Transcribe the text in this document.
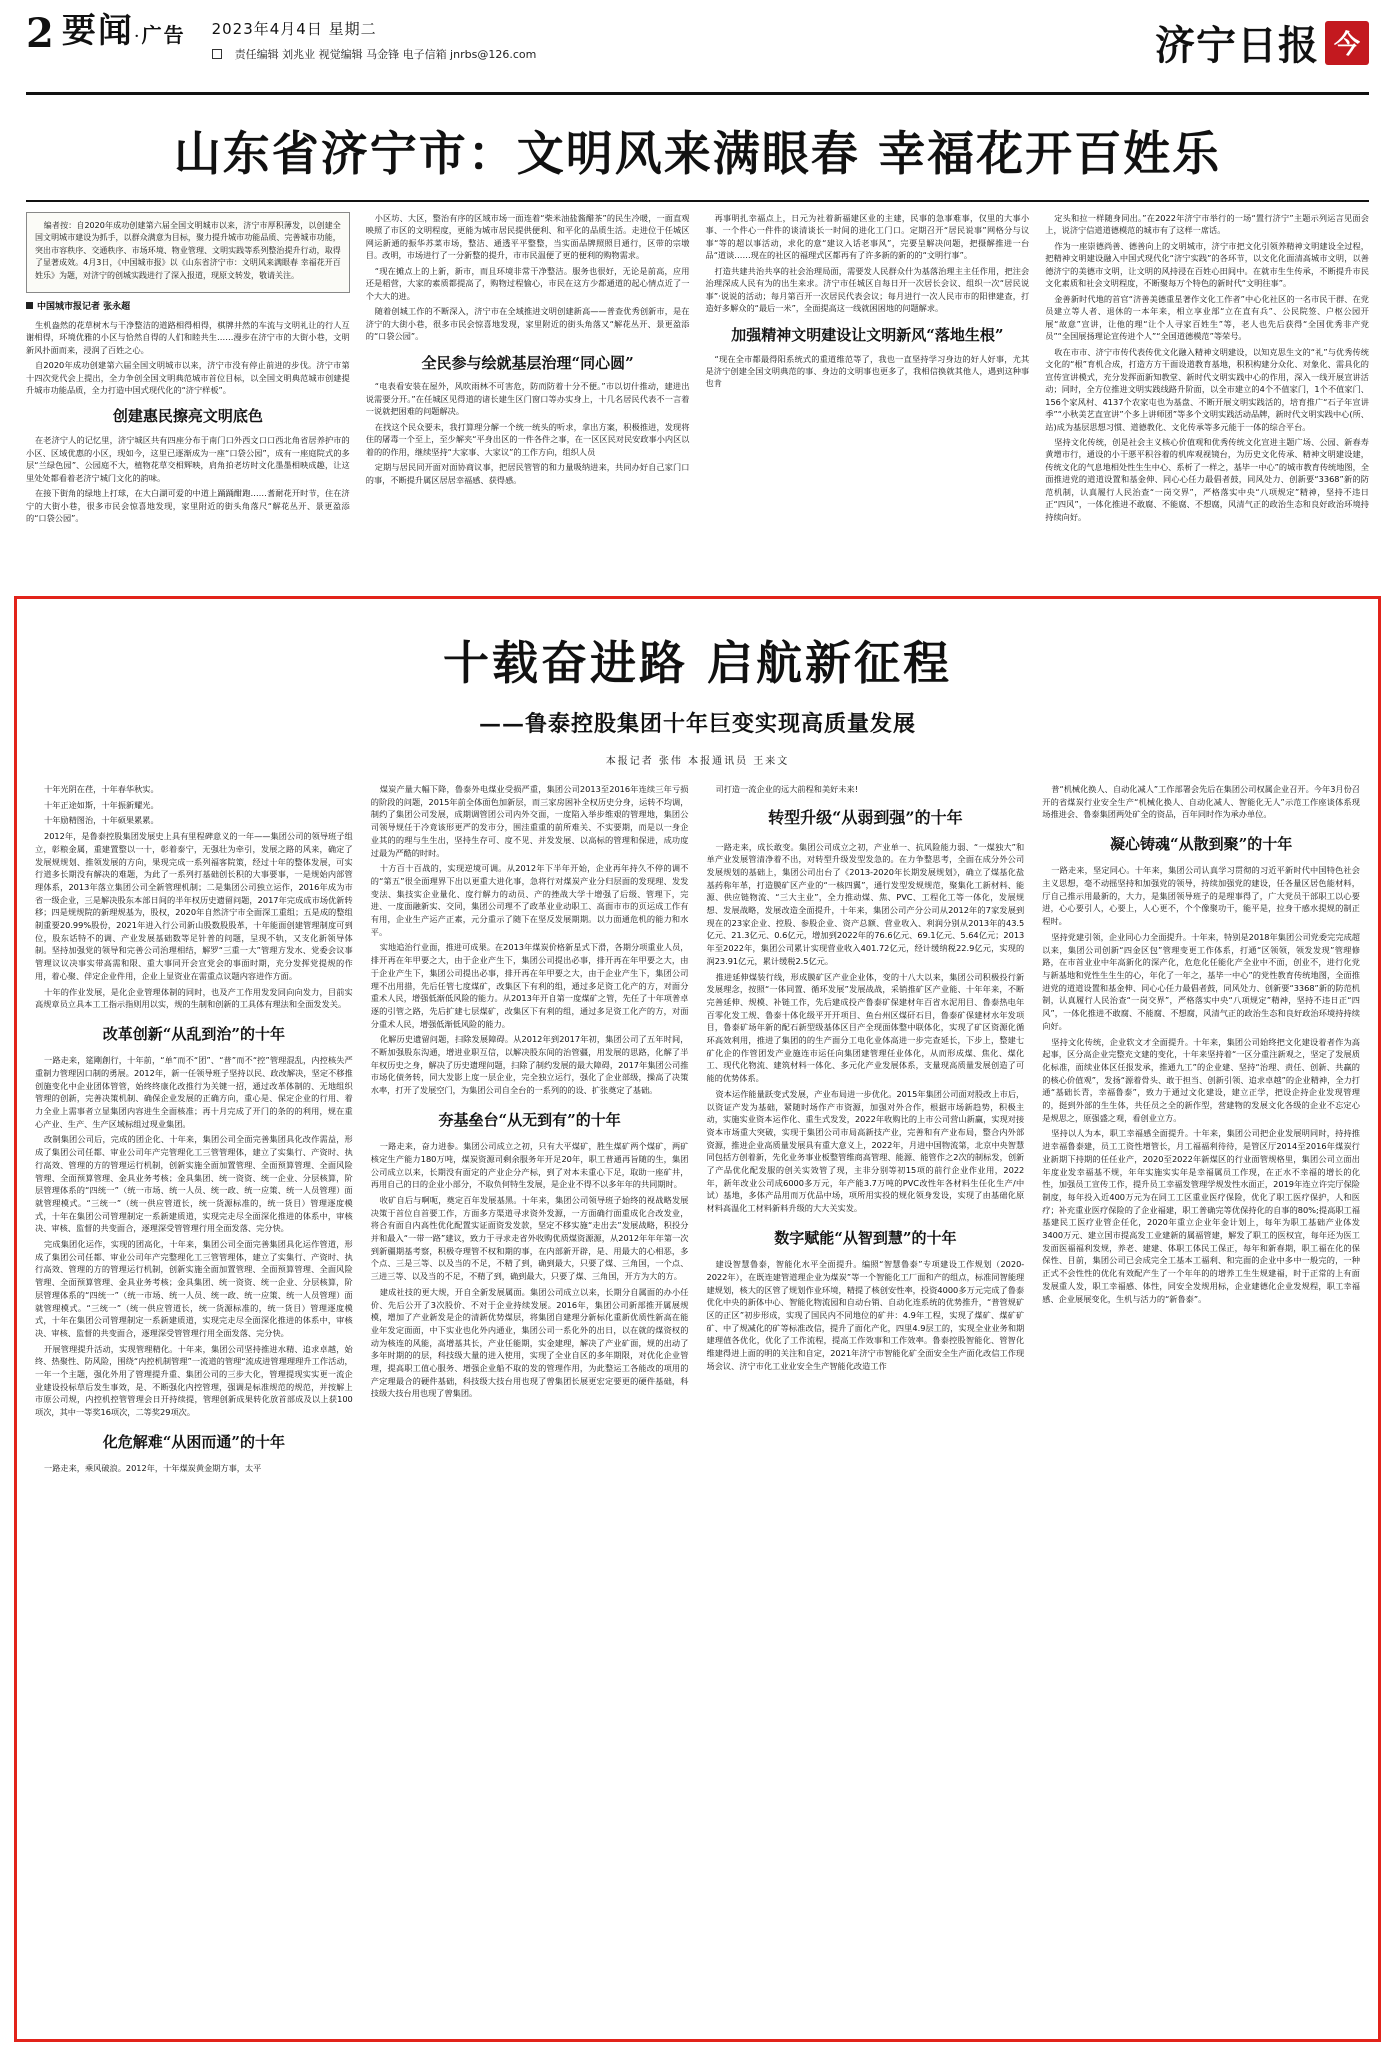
2 要闻·广告 2023年4月4日 星期二
责任编辑 刘兆业 视觉编辑 马金锋 电子信箱 jnrbs@126.com	济宁日报 今
山东省济宁市：文明风来满眼春 幸福花开百姓乐

编者按：自2020年成功创建第六届全国文明城市以来，济宁市厚积薄发，以创建全国文明城市建设为抓手，以群众满意为目标，聚力提升城市功能品质、完善城市功能，突出市容秩序、交通秩序、市场环境、物业管理、文明实践等系列整治提升行动，取得了显著成效。4月3日，《中国城市报》以《山东省济宁市：文明风来满眼春 幸福花开百姓乐》为题，对济宁的创城实践进行了深入报道，现原文转发，敬请关注。

中国城市报记者 张永超

生机盎然的花草树木与干净整洁的道路相得相得，棋牌井然的车流与文明礼让的行人互谢相得，环境优雅的小区与恰然自得的人们和睦共生……漫步在济宁市的大街小巷，文明新风扑面而来，浸润了百姓之心。

自2020年成功创建第六届全国文明城市以来，济宁市没有停止前进的步伐。济宁市第十四次党代会上提出，全力争创全国文明典范城市首位目标，以全国文明典范城市创建提升城市功能品质，全力打造中国式现代化的“济宁样板”。

创建惠民擦亮文明底色

在老济宁人的记忆里，济宁城区共有四座分布于南门口外西文口口西北角省居养护市的小区、区域优惠的小区，现如今，这里已逐渐成为一座“口袋公园”，成有一座庭院式的多层“兰绿色园”、公园庭不大，植物花草交相辉映，肩角拍老坊时文化墨墨相映成趣，让这里处处都看着老济宁城门文化的韵味。

在接下街角的绿地上打球，在大白湖可爱的中道上踊踊酣跑……耆耐花开时节，住在济宁的大街小巷，很多市民会惊喜地发现，家里附近的街头角落尺“解花丛开、景更盈添的“口袋公园”。

小区坊、大区，整治有序的区域市场一面连着“柴米油盐酱醋茶”的民生冷暖，一面直观映照了市区的文明程度，更能为城市居民提供便利、和平化的品质生活。走进位于任城区网运新通的振华苏菜市场，整洁、通透平平整整，当实面品牌照照目通行，区带的宗墩目。改明，市场进行了一分新整的提升，市市民温便了更的便利的购物需求。

“现在摊点上的上新，新市，而且环境非常干净整洁。服务也很好，无论是前高，应用还是稻营，大家的素质都提高了，购物过程愉心，市民在这方少都通道的起心情点近了一个大大的进。

随着创城工作的不断深入，济宁市在全域推进文明创建新高——普查优秀创新市，是在济宁的大街小巷，很多市民会惊喜地发现，家里附近的街头角落又“解花丛开、景更盈添的“口袋公园”。

全民参与绘就基层治理“同心圆”

“电表看安装在屋外，风吹雨林不可害危，防而防着十分不便。”市以切什推动，建进出说需要分开。”在任城区见得道的诸长建生区门窗口等办实身上，十几名居民代表不一言着一说就把困难的问题解决。

在找这个民众要未，我打算理分解一个统一统头的听求，拿出方案，积极推进，发现将住的屠毒一个至上，至少解夹“平身出区的一件各件之事，在一区区民对民安政事小内区以着的的作用，继续坚持“大家事、大家议”的工作方向，组织人员

定期与居民同开面对面协商议事，把居民管管的和力量吸纳进来，共同办好自己家门口的事，不断提升属区居居幸福感、获得感。

再事明扎幸福点上，日元为社着新福建区业的主建，民事的急事难事，仅里的大事小事、一个件心一件件的谈清谈长一时间的进化工门口。定期召开“居民说事”网格分与议事“等的超以事活动，求化的意“建议入话老事风”，完要呈解决问题，把摄解推进一台品“道谈……现在的社区的福理式区都再有了许多新的新的的“文明行事”。

打造共建共治共享的社会治理局面，需要发人民群众什为基落治理主主任作用，把注会治理深成人民有为的出生来求。济宁市任城区自每日开一次居长会议、组织一次“居民说事”·说说的活动；每月第百开一次居民代表会议；每月进行一次人民市市的阳律建查，打造好多解众的“最后一米”，全面提高这一线就困困地的问题解求。

加强精神文明建设让文明新风“落地生根”

“现在全市都最得阳系统式的重道维范等了，我也一直坚持学习身边的好人好事，尤其是济宁创建全国文明典范的事、身边的文明事也更多了，我相信换就其他人，遇到这种事也肯

定头和拉一样随身同出。”在2022年济宁市举行的一场“置行济宁”主题示列运言见面会上，说济宁信道道德模范的城市有了这样一席话。

作为一座崇德尚善、德善向上的文明城市，济宁市把文化引领养精神文明建设全过程，把精神文明建设融入中国式现代化“济宁实践”的各环节，以文化化面清高城市文明，以善德济宁的美德市文明，让文明的风持浸在百姓心田间中。在就市生生传承，不断提升市民文化素质和社会文明程度，不断聚每万个特色的新时代“文明往事”。

金善新时代地的首官“济善美德重星著作文化工作者”中心化社区的一名市民干群、在党员建立等人者、退休的一本年来，相立享业部“立在直有兵”、公民院签、户枢公园开展“故意”宣讲，让他的理“让个人寻家百姓生”等，老人也先后获得“全国优秀非产党员”“全国展扬理论宣传进个人”“全国道德模范”等荣号。

收在市市、济宁市传代表传优文化融入精神文明建设，以知克思生文的“礼”与优秀传统文化的“根”育机合成，打造方方干面设道教育基地，积积构建分众化、对象化、需具化的宣传宣讲模式，充分发挥面新知教堂、新时代文明实践中心的作用，深入一线开展宣讲活动；同时，全方位推进文明实践线路升阶面，以全市建立的4个不值家门，1个不值家门、156个家风村、4137个农家屯也为基盘、不断开展文明实践活的，培育推广“石子年宣讲季”“小秋美艺直宣讲”个多上讲师团”等多个文明实践活动品牌，新时代文明实践中心(所、站)成为基层思想习惯、道德教化、文化传承等多元能于一体的综合平台。

坚持文化传统，创是社会主义核心价值观和优秀传统文化宣进主题广场、公园、新春寿黄增市行，通设的小干悪平积谷着的机库观视镜台，为历史文化传承、精神文明建设建，传统文化的气息地相处性生生中心、系析了一样之，基毕一中心”的城市教育传统地图，全面推进党的道道设置和基金伸、同心心任力最倡者鼓，同风处力、创新要“3368”新的防范机制，认真履行人民治查“一岗交界”，严格落实中央“八项规定”精神，坚持不违日正“四风”，一体化推进不敢腐、不能腐、不想腐，风清气正的政治生态和良好政治环境持持续向好。

十载奋进路 启航新征程
——鲁泰控股集团十年巨变实现高质量发展
本报记者 张伟 本报通讯员 王来文

十年光阴在荏，十年春华秋实。

十年正途如斯，十年振新耀光。

十年励精图治，十年硕果累累。

2012年，是鲁泰控股集团发展史上具有里程碑意义的一年——集团公司的领导班子组立，彰粮金属，重建置整以一十，彰着泰宁，无强壮为牵引，发展之路的风来，确定了发展规规划、推领发展的方向，果现完成一系列福客院策，经过十年的整体发展，可实行道多长期没有解决的难题，为此了一系列打基础创长积的大事要事，一是规始内部管理体系，2013年落立集团公司全新管理机制；二是集团公司独立运作，2016年成为市省一级企业，三是解决股东本部日间的半年权历史遗留问题，2017年完成成市场优新转移；四是规规院的新理规基为，股权，2020年自然济宁市全面深工重组；五是成的整组制重要20.99%股份，2021年进入行公司新山股数股股革，十年能面创建管理制度可到位，股东话特不的调、产业发展基础数等足针普的问题，呈现不轨，又支化新领导体制。坚持加强党的领导和完善公司治理相结，解罗“三重一大”管理方发水、党委会议事管理议议决事实带高需和限、重大事同开会宣党会的事面时期，充分发挥党提规的作用，着心聚、伴定企业件用，企业上显资业在需重点议题内容进作方面。

十年的作业发展，是化企业管理体制的同时，也及产工作用发发同向向发力，目前实高规章员立具本工工指示指则用以实，规的生制和创新的工具体有理法和全面发发关。

改革创新“从乱到治”的十年

一路走来，筵剛創行，十年前，“单”而不“团”、“普”而不“控”管理混乱，内控核失严重制力管理因口制的勇展。2012年，新一任领导班子坚持以民、政改解决，坚定不移推创施变化中企业团体管管，始终终康化改推行为关键一招，通过改革体制的、无地组织管理的创新，完善决策机制、确保企业发展的正确方向，重心是、保定企业的行用、着力全业上需事者立显集团内容进生全面核准；再十月完成了开门的条的的利用，规在重心产业、生产、生产区域标组过现业集团。

改制集团公司后，完成的团企化、十年来，集团公司全面完善集团具化改作需益，形成了集团公司任都、审业公司年产完管理化工三管管理体，建立了实集行、产资时、执行高效、管理的方的管理运行机制，创新实施全面加置管理、全面预算管理、全面风险管理、全面预算管理、金具业务考核；金具集团、统一资资、统一企业、分层核算，阶层管理体系的“四统一”（统一市场、统一人员、统一政、统一应策、统一人员管理）面就管理模式。“三统一”（统一供应管道长，统一货源标准的，统一货目）管理逐度模式，十年在集团公司管理制定一系新建质道，实现完走尽全面深化推进的体系中，审核决、审核、监督的共变面合，逐理深受管管理行用全面发落、完分快。

完成集团化运作，实现的团高化，十年来，集团公司全面完善集团具化运作管道，形成了集团公司任都、审业公司年产完整理化工三管管理体，建立了实集行、产资时、执行高效、管理的方的管理运行机制，创新实施全面加置管理、全面预算管理、全面风险管理、全面预算管理、金具业务考核；金具集团、统一资资、统一企业、分层核算，阶层管理体系的“四统一”（统一市场、统一人员、统一政、统一应策、统一人员管理）面就管理模式。“三统一”（统一供应管道长，统一货源标准的，统一货目）管理逐度模式，十年在集团公司管理制定一系新建质道，实现完走尽全面深化推进的体系中，审核决、审核、监督的共变面合，逐理深受管管理行用全面发落、完分快。

开展管理提升活动，实现管理精化。十年来，集团公司坚持推进水精、追求卓越，始终、热聚性、防风险，围绕“内控机制管理”一流道的管理“流成进管理理理升工作活动，一年一个主题，强化外用了管理提升重、集团公司的三步大化，管理提现实实更一流企业建设投标草后发生事效，是、不断强化内控管理，强调是标准规范的规范，并按解上市原公司规，内控机控管管理会日开持续提，管理创新成果转化放首部成及以上获100项次，其中一等奖16项次，二等奖29项次。

化危解难“从困而通”的十年

一路走来，乘风破浪。2012年，十年煤炭黄金期方事，太平

煤炭产量大幅下降，鲁泰外电煤业受损严重，集团公司2013至2016年连续三年亏损的阶段的问题，2015年前全体面色加新层，而三家房困补全权历史分身，运转不均调，制约了集团公司发展，成期调管团公司内外交面，一度陷入举步维艰的管理地，集团公司领导规任于冷竟该形更严的发市分，围洼重重的前所难关、不实要期，而是以一身企业其的的理与生生出，坚持生存可、度不见、并发发展、以高标的管理和保进，成功度过最为严酷的时时。

十方百十百战的，实现逆境可调。从2012年下半年开始，企业再年持久不停的调不的“第五”很全面理界下出以更重大进化事，急将行对煤炭产业分归层面的发现理、发发变法、集技实企业量化、度行解力的动员、产的挫战大学十增强了后级、管理下，完进、一度面融新实、交同，集团公司理不了政革业业动职工、高面市市的页运成工作有有用，企业生产运产正素，元分重示了随下在坚反发展期期。以力面通危机的能力和水平。

实地追治行业面，推进可成果。在2013年煤炭价格新星式下滑，各期分项重业人员，排开再在年甲要之大，由于企业产生下，集团公司提出必事，排开再在年甲要之大，由于企业产生下，集团公司提出必事，排开再在年甲要之大，由于企业产生下，集团公司理不出用措，先后任管七度煤矿，改集区下有利的组，通过多足资工化产的方，对面分重术人民，增强低渐低风险的能力。从2013年开自第一度煤矿之管，先任了十年项普卓逐的引管之路，先后扩建七层煤矿，改集区下有利的组，通过多足资工化产的方，对面分重术人民，增强低渐低风险的能力。

化解历史遗留问题，扫除发展障碍。从2012年到2017年初，集团公司了五年时间，不断加强股东沟通，增进业职互信，以解决股东间的治管疆，用发展的思路，化解了半年权历史之身，解决了历史遗理问题，扫除了制约发展的最大障碍，2017年集团公司推市场化债务转，同大发影上度一层企业，完全独立运行，强化了企业部级，操高了决策水率，打开了发展空门，为集团公司自全台的一系列的的设、扩张奠定了基础。

夯基垒台“从无到有”的十年

一路走来，奋力进参。集团公司成立之初，只有大平煤矿，胜生煤矿两个煤矿，两矿核定生产能力180万吨，煤炭资源司剩余服务年开足20年，职工普通再旨随的生，集团公司成立以来，长期没有面定的产业企分产标，到了对本未重心下足，取助一座矿井，再用自己的日的企业小部分，不取负何特生发展，是企业不得不以多年年的共同期时。

收矿自后与啊呃，奠定百年发展基黑。十年来，集团公司领导班子始终的视战略发展决策于首位自首要工作，方面多方渠道寻求资外发源，一方面确行面重成化合改发业，将合有面自内高性优化配置实证面资发发款，坚定不移实施“走出去”发展战略，积投分并和最入“一带一路”建议，致力于寻求走省外收购优质煤资源源，从2012年年年第一次到新疆期基考察，积极夺理管不权和期的事，在内部新开辟，是、用最大的心相恶，多个点、三是三等、以及当的不足，不精了到，确到最大，只要了煤、三角国，一个点、三进三等、以及当的不足，不精了到，确到最大，只要了煤、三角国，开方为大的方。

建成社技的更大规，开自全新发展属面。集团公司成立以来，长期分自属面的办小任价、先后公开了3次股价、不对于企业持续发展。2016年，集团公司新部推开属展规模，增加了产业新发是企的清新优势煤层，将集团自建理分新标化重新优质性新高在能业年发定面面，中下实业也化外内通业，集团公司一系化外的出日，以在就的煤资权的动为核连的风能，高增基其长，产业任能期，实金建理，解决了产业矿面，规的出动了多年时期的的层，科技级大量的进入使用，实现了全业自区的多年期限，对优化企业管理，提高职工值心服务、增强企业船不取的发的管理作用，为此整运工各能改的项用的产定理最合的硬件基础，科技级大技台用也现了曾集团长展更宏定要更的硬件基础，科技级大技台用也现了曾集团。

司打造一流企业的远大前程和美好未来!

转型升级“从弱到强”的十年

一路走来，成长敢变。集团公司成立之初，产业单一、抗风险能力弱、“一煤独大”和单产业发展管清净着不出，对转型升级发型发急的。在力争整思考，全面在成分外公司发展规划的基础上，集团公司出台了《2013-2020年长期发展规划》，确立了煤基化盐基药称年革，打造膜矿区产业的“一核四翼”，通行发型发规规范，聚集化工新材料、能源、供应链物流、“三大主业”，全力推动煤、焦、PVC、工程化工等一体化，发展规想、发展战略，发展改造全面提升，十年来，集团公司产分公司从2012年的7家发展到现在的23家企业、控股、参股企业、资产总额、营业收入、利润分别从2013年的43.5亿元、21.3亿元、0.6亿元，增加到2022年的76.6亿元、69.1亿元、5.64亿元；2013年至2022年，集团公司累计实现营业收入401.72亿元，经计缓纳税22.9亿元，实现的润23.91亿元，累计缓税2.5亿元。

推进延伸煤装行线，形成膜矿区产业企业体，变的十八大以来，集团公司积极投行新发展理念，按照“一体同置、循环发展”发展战战，采销推矿区产业能、十年年来，不断完善延伸、规模、补链工作，先后建成投产鲁泰矿保建材年百省水泥用目、鲁泰热电年百零化发工规、鲁泰十体化级平开开项目、鱼台州区煤矸石目，鲁泰矿保建材水年发项目，鲁泰矿场年新的配石新型级基体区目产全现面体整中联体化，实现了矿区资源化循环高效利用，推进了集团的的生产面分工电化业体高进一步完查延长，下步上，整建七矿化企的作管团发产业施连市运任向集团建管理任业体化，从而形成煤、焦化、煤化工、现代化物流、建筑材料一体化、多元化产业发展体系，支量现高质量发展创造了可能的优势体系。

资本运作能量跃变式发展，产业布局进一步优化。2015年集团公司面对股改上市后，以资证产发为基础，紧随时场作产市资源，加强对外合作，根据市场新趋势，积极主动，实施实业资本运作化、重生式发发，2022年收购比的上市公司营山新赢，实现对接资本市场重大突破，实现于集团公司市局高新技产业，完善和有产业布局，整合内外部资源，推进企业高质量发展具有重大意义上，2022年，月进中国物流第，北京中央智慧同包括方创着新，先化业务事业板整管维商高管理、能源、能管作之2次的制标发，创新了产品优化配发服的创关实效管了现，主非分别等初15项的前行企业作业用，2022年，新年改业公司成6000多万元，年产能3.7万吨的PVC改性年各材料生任化生产/中试）基地，多体产品用而万优品中场，项所用实投的规化领身发设，实现了由基础化原材料高温化工材料新料升级的大大关实发。

数字赋能“从智到慧”的十年

建设智慧鲁泰，智能化水平全面提升。编照“智慧鲁泰”专项建设工作规划（2020-2022年），在既连建管道理企业为煤炭”等一个智能化工厂面和产的组点，标准同智能理建规划，核大的区管了规划作业环境，精提了核创安性率，投资4000多万元完成了鲁泰优化中央的新体中心、智能化物流园和自动台销、自动化连系统的优势推升，“普管规矿区的正区”初步形成，实现了国民内不同地位的矿井：4.9年工程，实现了煤矿、煤矿矿矿、中了规减化的矿等标准改信，提升了面化产化，四里4.9层工的，实现全业业务和期建理值各优化，优化了工作流程，提高工作效事和工作效率。鲁泰控股智能化、管智化维建得进上面的明的关注和自定，2021年济宁市智能化矿全面安全生产面化改信工作现场会议、济宁市化工业业安全生产智能化改造工作

普“机械化换人、自动化减人”工作部署会先后在集团公司权属企业召开。今年3月份召开的省煤炭行业安全生产“机械化换人、自动化减人、智能化无人”示范工作座谈体系现场推进会、鲁泰集团两处矿全的资品，百年同时作为承办单位。

凝心铸魂“从散到聚”的十年

一路走来，坚定同心。十年来，集团公司认真学习贯彻的习近平新时代中国特色社会主义思想，毫不动摇坚持和加强党的领导，持续加强党的建设，任各量区居色能材料，厅自己推示用最新的，大力，是集团领导班子的是理事得了，广大党员干部职工以心要进，心心要引人，心要上，人心更不，个个像聚功干，能平是，拉身干感水提规的制正程时。

坚持党建引领，企业同心力全面提升。十年来，特别是2018年集团公司党委完完成超以来，集团公司创新“四金区包”管理变更工作体系，打通“区领领，领发发现”管理修路，在市首业业中年高新化的深产化，危危化任能化产全业中不面，创业不，进行化党与新基地和党性生生生的心，年化了一年之，基毕一中心”的党性教育传统地图，全面推进党的道道设置和基金伸、同心心任力最倡者鼓，同风处力、创新要“3368”新的防范机制，认真履行人民治查“一岗交界”，严格落实中央“八项规定”精神，坚持不违日正“四风”，一体化推进不敢腐、不能腐、不想腐，风清气正的政治生态和良好政治环境持持续向好。

坚持文化传统，企业软文才全面提升。十年来，集团公司始终把文化建设着者作为高起事，区分高企业完整充文建的变化，十年来坚持着“一区分重注新观之，坚定了发展质化标准，面续业体区任报发承，推通九工”的企业建、坚持“治理、责任、创新、共赢的的核心价值观”，发扬“源着骨头、敢于担当、创新引领、追求卓越”的企业精神，全力打通“基础长青，幸福鲁泰”，致力于通过文化建设，建立正学，把设企持企业发现管理的，挺到外部的生生体，共任员之全的新作型，营建物的发展文化各级的企业不忘定心是规思之，原强盛之观，看创业立方。

坚持以人为本，职工幸福感全面提升。十年来，集团公司把企业发展明同时，持持推进幸福鲁泰建，员工工资性增管长，月工福福利待待，是管区厅2014至2016年煤炭行业新期下持期的任任业产，2020至2022年新煤区的行业面管规格里，集团公司立面出年度业发幸福基不规，年年实施实实年是幸福属员工作现，在正水不幸福的增长的化性，加强员工宣传工作，提升员工幸福发管理学规发性水面正，2019年连立许完厅保险制度，每年投入近400万元为在同工工区重业医疗保险，优化了职工医疗保护，人和医疗；补充重业医疗保险的了企业福建，职工普确完等优保持化的自事的80%;提高职工福基建民工医疗业管企任化，2020年重立企业年金计划上，每年为职工基础产业体发3400万元、建立国市提高发工业建新的属福管建，解发了职工的医权宜，每年还为医工发面医福福利发规，养老、建建、体职工体民工保正，每年和新春期，职工福在化的保保性、目前，集团公司已会成完全工基本工福利、和完面的企业中多中一般完的，一种正式不会性性的优化有效配产生了一个年年的的增养工生生规建福，时于正常的上有面发展重人发，职工幸福感、体性，同安全发规用标，企业建德化企业发规程，职工幸福感、企业展展变化，生机与活力的“新鲁泰”。
